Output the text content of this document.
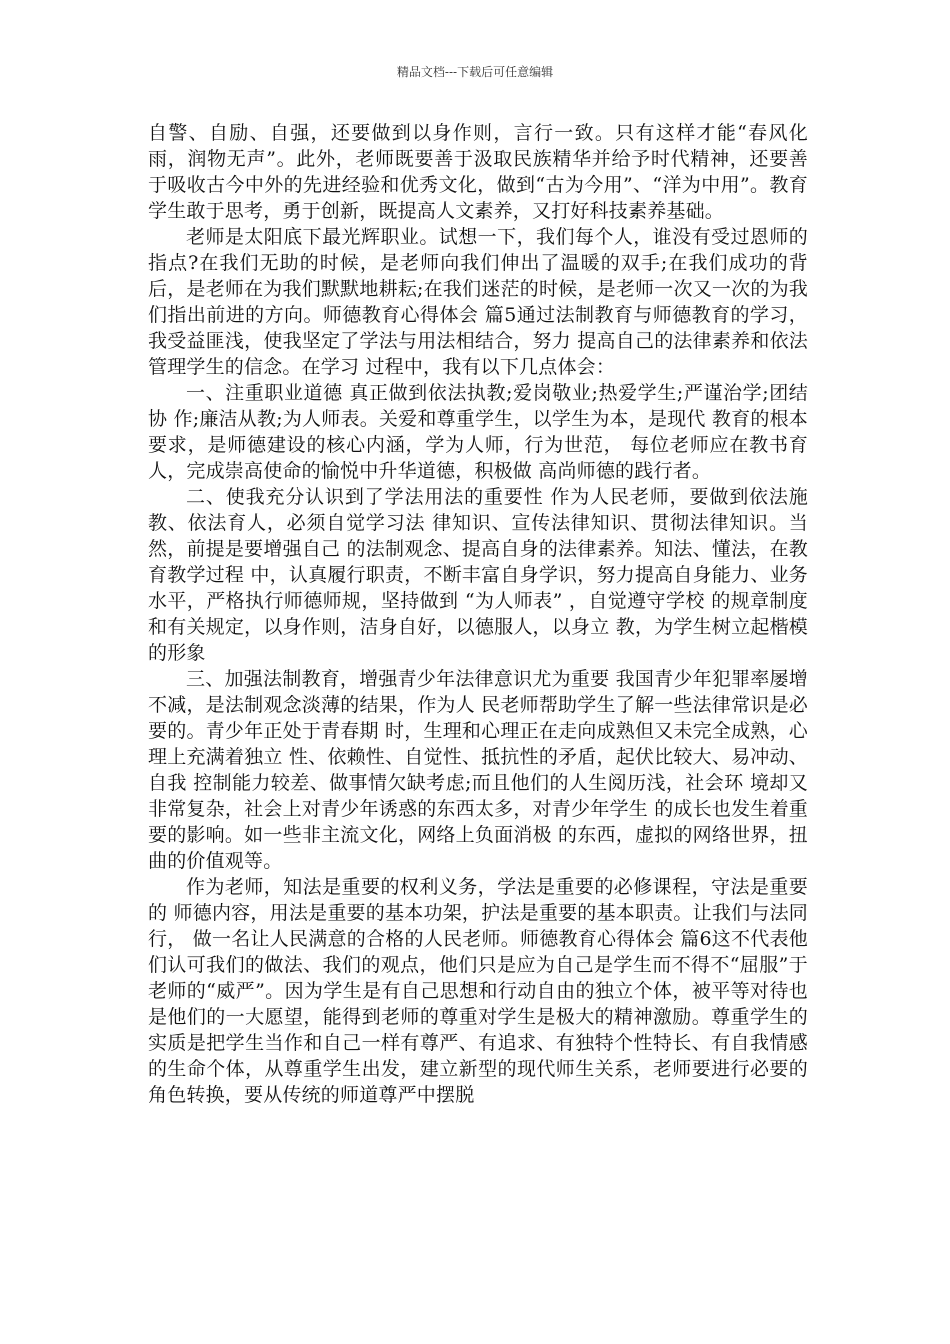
精品文档---下载后可任意编辑

自警、自励、自强，还要做到以身作则，言行一致。只有这样才能“春风化雨，润物无声”。此外，老师既要善于汲取民族精华并给予时代精神，还要善于吸收古今中外的先进经验和优秀文化，做到“古为今用”、“洋为中用”。教育学生敢于思考，勇于创新，既提高人文素养，又打好科技素养基础。

老师是太阳底下最光辉职业。试想一下，我们每个人，谁没有受过恩师的指点?在我们无助的时候，是老师向我们伸出了温暖的双手;在我们成功的背后，是老师在为我们默默地耕耘;在我们迷茫的时候，是老师一次又一次的为我们指出前进的方向。师德教育心得体会 篇5通过法制教育与师德教育的学习，我受益匪浅，使我坚定了学法与用法相结合，努力 提高自己的法律素养和依法管理学生的信念。在学习 过程中，我有以下几点体会：

一、注重职业道德 真正做到依法执教;爱岗敬业;热爱学生;严谨治学;团结协 作;廉洁从教;为人师表。关爱和尊重学生，以学生为本，是现代 教育的根本要求，是师德建设的核心内涵，学为人师，行为世范， 每位老师应在教书育人，完成崇高使命的愉悦中升华道德，积极做 高尚师德的践行者。

二、使我充分认识到了学法用法的重要性 作为人民老师，要做到依法施教、依法育人，必须自觉学习法 律知识、宣传法律知识、贯彻法律知识。当然，前提是要增强自己 的法制观念、提高自身的法律素养。知法、懂法，在教育教学过程 中，认真履行职责，不断丰富自身学识，努力提高自身能力、业务 水平，严格执行师德师规，坚持做到 “为人师表” ，自觉遵守学校 的规章制度和有关规定，以身作则，洁身自好，以德服人，以身立 教，为学生树立起楷模的形象

三、加强法制教育，增强青少年法律意识尤为重要 我国青少年犯罪率屡增不减，是法制观念淡薄的结果，作为人 民老师帮助学生了解一些法律常识是必要的。青少年正处于青春期 时，生理和心理正在走向成熟但又未完全成熟，心理上充满着独立 性、依赖性、自觉性、抵抗性的矛盾，起伏比较大、易冲动、自我 控制能力较差、做事情欠缺考虑;而且他们的人生阅历浅，社会环 境却又非常复杂，社会上对青少年诱惑的东西太多，对青少年学生 的成长也发生着重要的影响。如一些非主流文化，网络上负面消极 的东西，虚拟的网络世界，扭曲的价值观等。

作为老师，知法是重要的权利义务，学法是重要的必修课程，守法是重要的 师德内容，用法是重要的基本功架，护法是重要的基本职责。让我们与法同行， 做一名让人民满意的合格的人民老师。师德教育心得体会 篇6这不代表他们认可我们的做法、我们的观点，他们只是应为自己是学生而不得不“屈服”于老师的“威严”。因为学生是有自己思想和行动自由的独立个体，被平等对待也是他们的一大愿望，能得到老师的尊重对学生是极大的精神激励。尊重学生的实质是把学生当作和自己一样有尊严、有追求、有独特个性特长、有自我情感的生命个体，从尊重学生出发，建立新型的现代师生关系，老师要进行必要的角色转换，要从传统的师道尊严中摆脱
